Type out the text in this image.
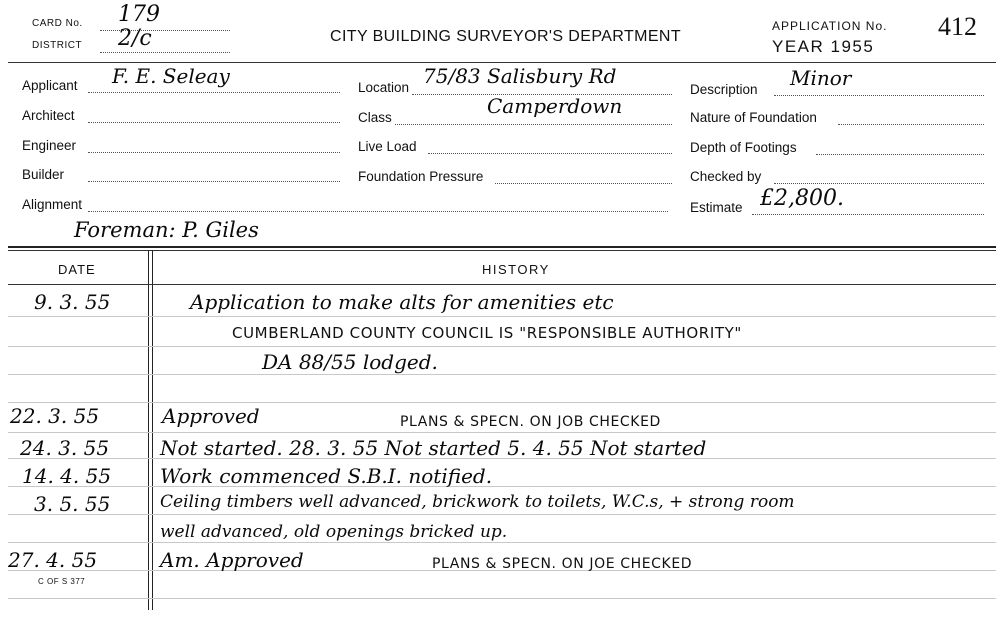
CARD No. 179
DISTRICT 2/c	CITY BUILDING SURVEYOR'S DEPARTMENT
APPLICATION No.
YEAR 1955
412
Applicant F. E. Seleay
Architect
Engineer
Builder
Alignment
Foreman: P. Giles
Location 75/83 Salisbury Rd
Camperdown
Class
Live Load
Foundation Pressure
Description Minor
Nature of Foundation
Depth of Footings
Checked by
Estimate £2,800.
DATE	HISTORY
9. 3. 55	Application to make alts for amenities etc
CUMBERLAND COUNTY COUNCIL IS "RESPONSIBLE AUTHORITY"
DA 88/55 lodged.
22. 3. 55	Approved	PLANS & SPECN. ON JOB CHECKED
24. 3. 55	Not started. 28. 3. 55 Not started 5. 4. 55 Not started
14. 4. 55 Work commenced S.B.I. notified.
3. 5. 55	Ceiling timbers well advanced, brickwork to toilets, W.C.s, + strong room
well advanced, old openings bricked up.
27. 4. 55	Am. Approved	PLANS & SPECN. ON JOE CHECKED
C OF S 377
